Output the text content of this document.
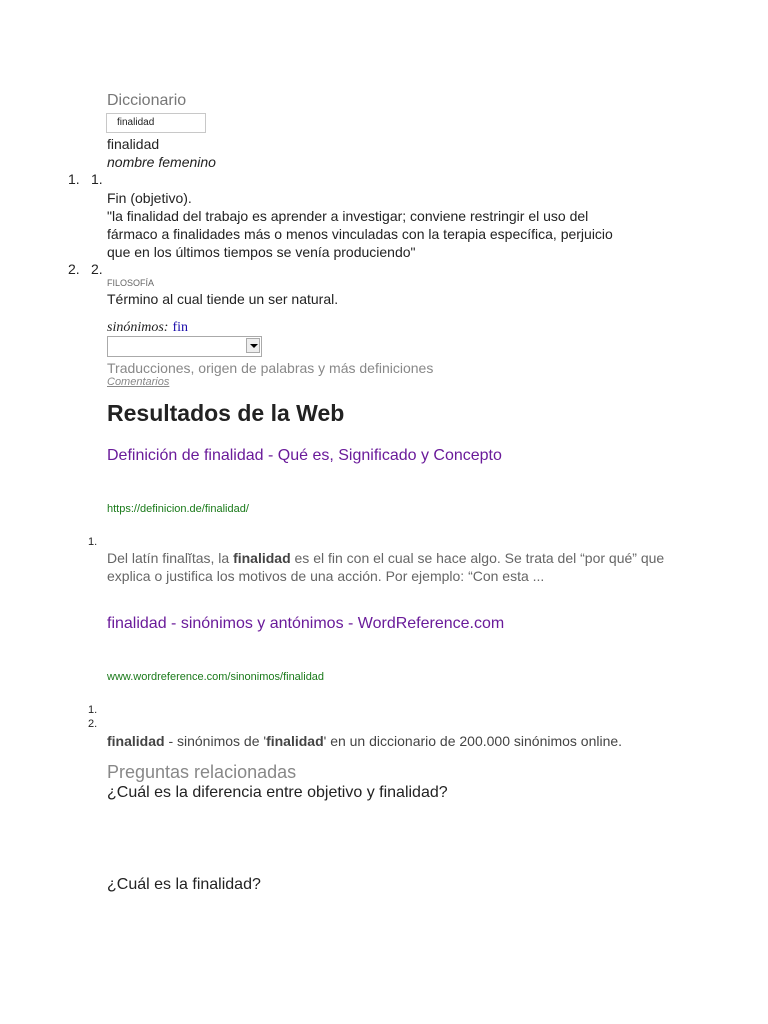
Diccionario
finalidad
finalidad
nombre femenino
1. 1.
Fin (objetivo).
"la finalidad del trabajo es aprender a investigar; conviene restringir el uso del
fármaco a finalidades más o menos vinculadas con la terapia específica, perjuicio
que en los últimos tiempos se venía produciendo"
2. 2.
FILOSOFÍA
Término al cual tiende un ser natural.
sinónimos: fin
Traducciones, origen de palabras y más definiciones
Comentarios
Resultados de la Web
Definición de finalidad - Qué es, Significado y Concepto
https://definicion.de/finalidad/
1.
Del latín finalĭtas, la finalidad es el fin con el cual se hace algo. Se trata del “por qué” que explica o justifica los motivos de una acción. Por ejemplo: “Con esta ...
finalidad - sinónimos y antónimos - WordReference.com
www.wordreference.com/sinonimos/finalidad
1.
2.
finalidad - sinónimos de 'finalidad' en un diccionario de 200.000 sinónimos online.
Preguntas relacionadas
¿Cuál es la diferencia entre objetivo y finalidad?
¿Cuál es la finalidad?
